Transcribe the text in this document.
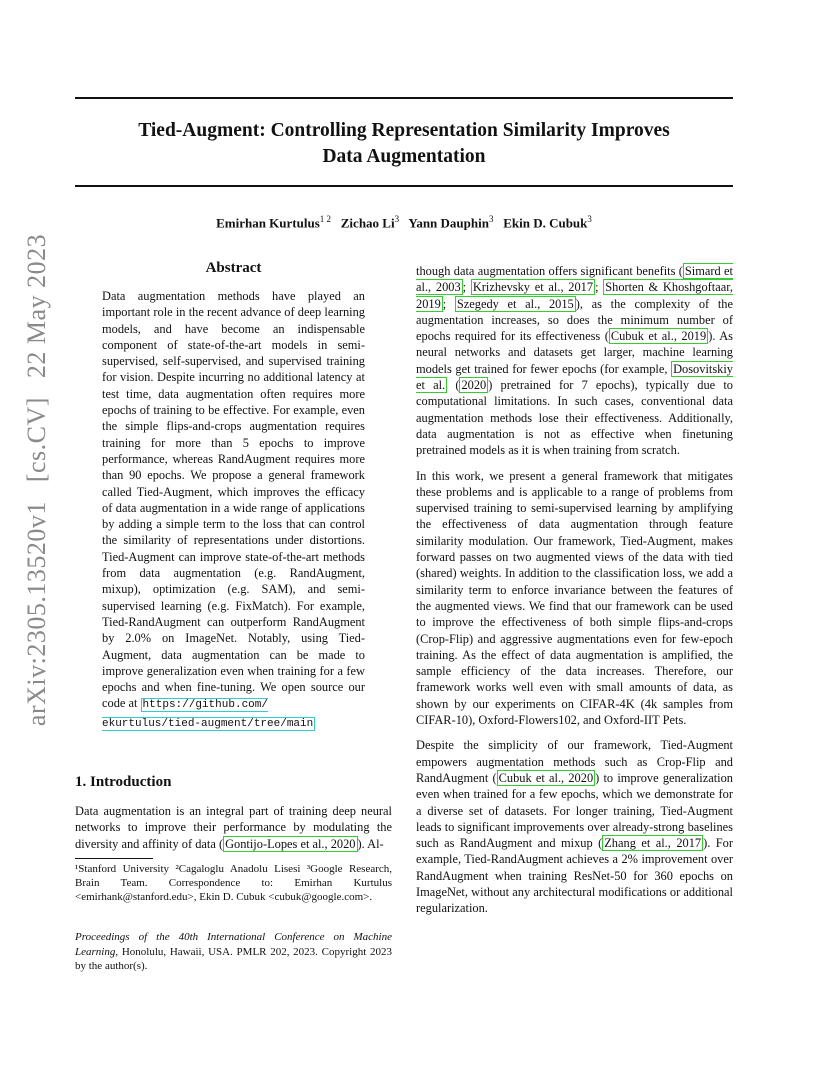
arXiv:2305.13520v1 [cs.CV] 22 May 2023
Tied-Augment: Controlling Representation Similarity Improves
Data Augmentation
Emirhan Kurtulus$^{1 2}$ Zichao Li$^3$ Yann Dauphin$^3$ Ekin D. Cubuk$^3$
Abstract
Data augmentation methods have played an important role in the recent advance of deep learning models, and have become an indispensable component of state-of-the-art models in semi-supervised, self-supervised, and supervised training for vision. Despite incurring no additional latency at test time, data augmentation often requires more epochs of training to be effective. For example, even the simple flips-and-crops augmentation requires training for more than 5 epochs to improve performance, whereas RandAugment requires more than 90 epochs. We propose a general framework called Tied-Augment, which improves the efficacy of data augmentation in a wide range of applications by adding a simple term to the loss that can control the similarity of representations under distortions. Tied-Augment can improve state-of-the-art methods from data augmentation (e.g. RandAugment, mixup), optimization (e.g. SAM), and semi-supervised learning (e.g. FixMatch). For example, Tied-RandAugment can outperform RandAugment by 2.0% on ImageNet. Notably, using Tied-Augment, data augmentation can be made to improve generalization even when training for a few epochs and when fine-tuning. We open source our code at https://github.com/
ekurtulus/tied-augment/tree/main
1. Introduction
Data augmentation is an integral part of training deep neural networks to improve their performance by modulating the diversity and affinity of data ( Gontijo-Lopes et al., 2020 ). Al-
¹Stanford University ²Cagaloglu Anadolu Lisesi ³Google Research, Brain Team. Correspondence to: Emirhan Kurtulus <emirhank@stanford.edu>, Ekin D. Cubuk <cubuk@google.com>.
Proceedings of the 40th International Conference on Machine Learning, Honolulu, Hawaii, USA. PMLR 202, 2023. Copyright 2023 by the author(s).

though data augmentation offers significant benefits ( Simard et al., 2003 ; Krizhevsky et al., 2017 ; Shorten & Khoshgoftaar, 2019 ; Szegedy et al., 2015 ), as the complexity of the augmentation increases, so does the minimum number of epochs required for its effectiveness ( Cubuk et al., 2019 ). As neural networks and datasets get larger, machine learning models get trained for fewer epochs (for example, Dosovitskiy et al. ( 2020 ) pretrained for 7 epochs), typically due to computational limitations. In such cases, conventional data augmentation methods lose their effectiveness. Additionally, data augmentation is not as effective when finetuning pretrained models as it is when training from scratch.

In this work, we present a general framework that mitigates these problems and is applicable to a range of problems from supervised training to semi-supervised learning by amplifying the effectiveness of data augmentation through feature similarity modulation. Our framework, Tied-Augment, makes forward passes on two augmented views of the data with tied (shared) weights. In addition to the classification loss, we add a similarity term to enforce invariance between the features of the augmented views. We find that our framework can be used to improve the effectiveness of both simple flips-and-crops (Crop-Flip) and aggressive augmentations even for few-epoch training. As the effect of data augmentation is amplified, the sample efficiency of the data increases. Therefore, our framework works well even with small amounts of data, as shown by our experiments on CIFAR-4K (4k samples from CIFAR-10), Oxford-Flowers102, and Oxford-IIT Pets.

Despite the simplicity of our framework, Tied-Augment empowers augmentation methods such as Crop-Flip and RandAugment ( Cubuk et al., 2020 ) to improve generalization even when trained for a few epochs, which we demonstrate for a diverse set of datasets. For longer training, Tied-Augment leads to significant improvements over already-strong baselines such as RandAugment and mixup ( Zhang et al., 2017 ). For example, Tied-RandAugment achieves a 2% improvement over RandAugment when training ResNet-50 for 360 epochs on ImageNet, without any architectural modifications or additional regularization.
